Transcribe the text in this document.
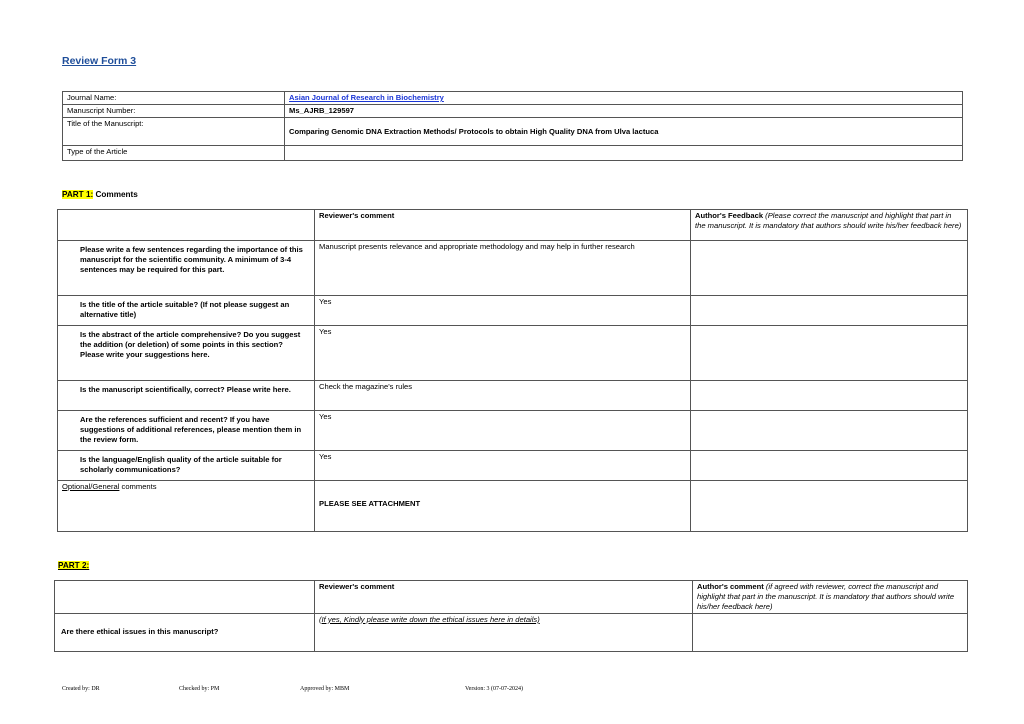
Review Form 3
Journal Name:	Asian Journal of Research in Biochemistry
Manuscript Number:	Ms_AJRB_129597
Title of the Manuscript:	Comparing Genomic DNA Extraction Methods/ Protocols to obtain High Quality DNA from Ulva lactuca
Type of the Article	
PART 1: Comments
	Reviewer's comment	Author's Feedback (Please correct the manuscript and highlight that part in the manuscript. It is mandatory that authors should write his/her feedback here)
Please write a few sentences regarding the importance of this manuscript for the scientific community. A minimum of 3-4 sentences may be required for this part.	Manuscript presents relevance and appropriate methodology and may help in further research	
Is the title of the article suitable? (If not please suggest an alternative title)	Yes	
Is the abstract of the article comprehensive? Do you suggest the addition (or deletion) of some points in this section? Please write your suggestions here.	Yes	
Is the manuscript scientifically, correct? Please write here.	Check the magazine's rules	
Are the references sufficient and recent? If you have suggestions of additional references, please mention them in the review form.	Yes	
Is the language/English quality of the article suitable for scholarly communications?	Yes	
Optional/General comments	PLEASE SEE ATTACHMENT	
PART 2:
	Reviewer's comment	Author's comment (if agreed with reviewer, correct the manuscript and highlight that part in the manuscript. It is mandatory that authors should write his/her feedback here)
Are there ethical issues in this manuscript?	(If yes, Kindly please write down the ethical issues here in details)	
Created by: DR	Checked by: PM	Approved by: MBM	Version: 3 (07-07-2024)
